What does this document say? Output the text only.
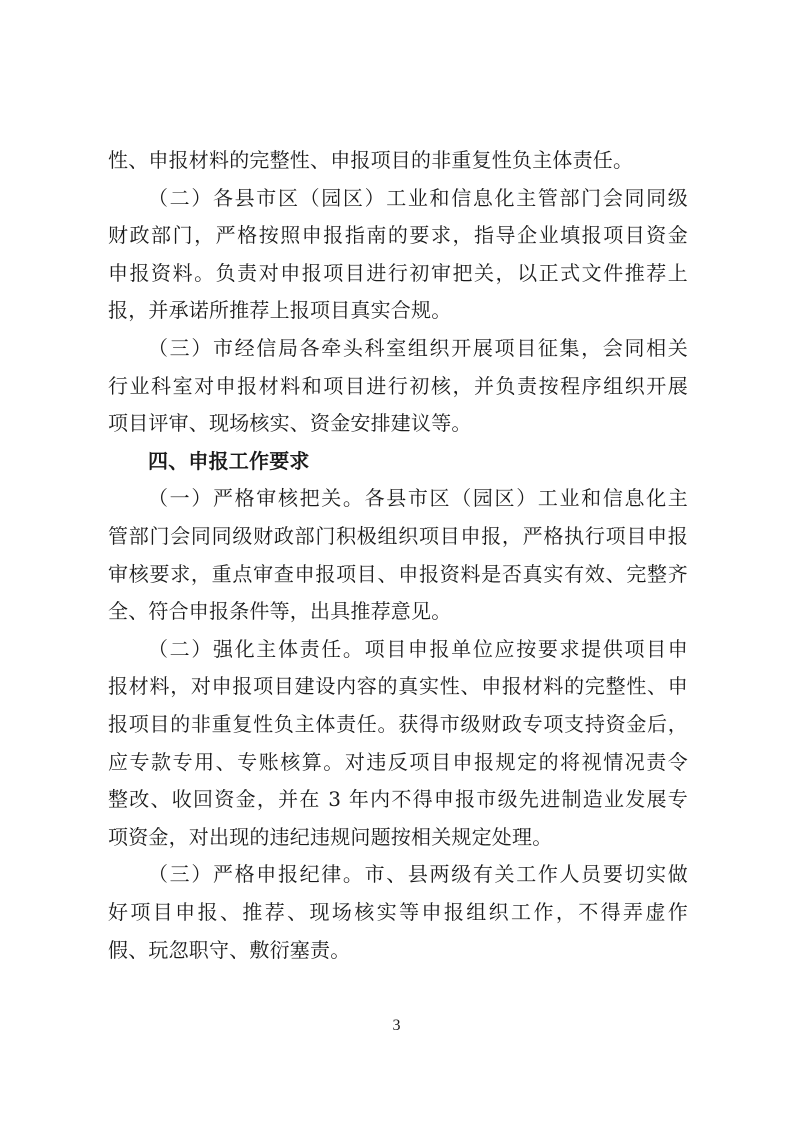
性、申报材料的完整性、申报项目的非重复性负主体责任。
（二）各县市区（园区）工业和信息化主管部门会同同级
财政部门，严格按照申报指南的要求，指导企业填报项目资金
申报资料。负责对申报项目进行初审把关，以正式文件推荐上
报，并承诺所推荐上报项目真实合规。
（三）市经信局各牵头科室组织开展项目征集，会同相关
行业科室对申报材料和项目进行初核，并负责按程序组织开展
项目评审、现场核实、资金安排建议等。
四、申报工作要求
（一）严格审核把关。各县市区（园区）工业和信息化主
管部门会同同级财政部门积极组织项目申报，严格执行项目申报
审核要求，重点审查申报项目、申报资料是否真实有效、完整齐
全、符合申报条件等，出具推荐意见。
（二）强化主体责任。项目申报单位应按要求提供项目申
报材料，对申报项目建设内容的真实性、申报材料的完整性、申
报项目的非重复性负主体责任。获得市级财政专项支持资金后，
应专款专用、专账核算。对违反项目申报规定的将视情况责令
整改、收回资金，并在 3 年内不得申报市级先进制造业发展专
项资金，对出现的违纪违规问题按相关规定处理。
（三）严格申报纪律。市、县两级有关工作人员要切实做
好项目申报、推荐、现场核实等申报组织工作，不得弄虚作
假、玩忽职守、敷衍塞责。
3
